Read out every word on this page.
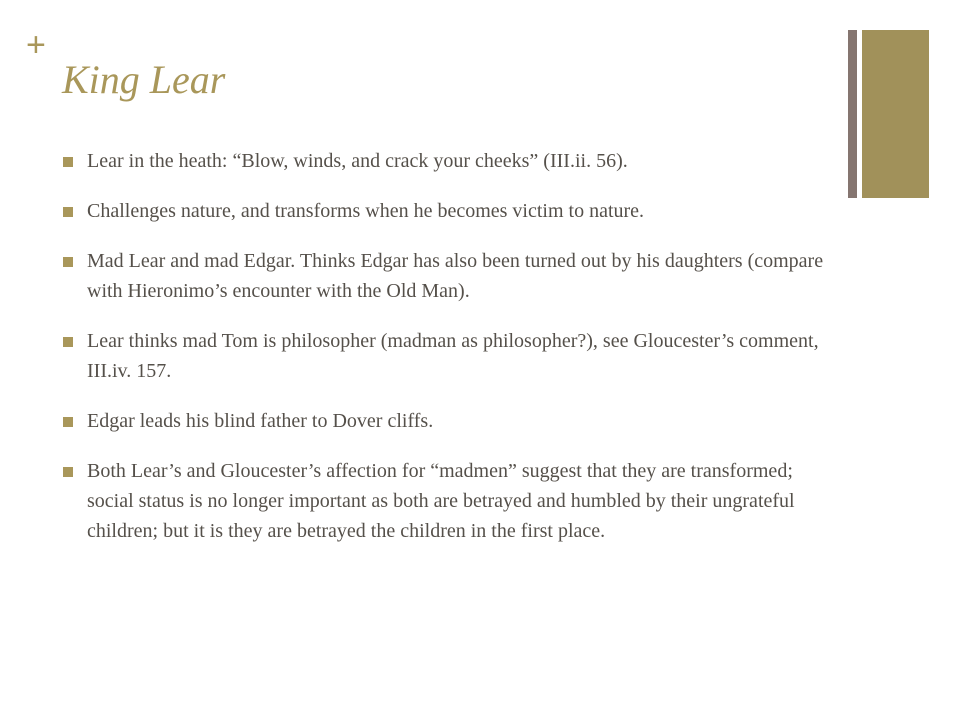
+
King Lear
Lear in the heath: “Blow, winds, and crack your cheeks” (III.ii. 56).
Challenges nature, and transforms when he becomes victim to nature.
Mad Lear and mad Edgar. Thinks Edgar has also been turned out by his daughters (compare with Hieronimo’s encounter with the Old Man).
Lear thinks mad Tom is philosopher (madman as philosopher?), see Gloucester’s comment, III.iv. 157.
Edgar leads his blind father to Dover cliffs.
Both Lear’s and Gloucester’s affection for “madmen” suggest that they are transformed; social status is no longer important as both are betrayed and humbled by their ungrateful children; but it is they are betrayed the children in the first place.
